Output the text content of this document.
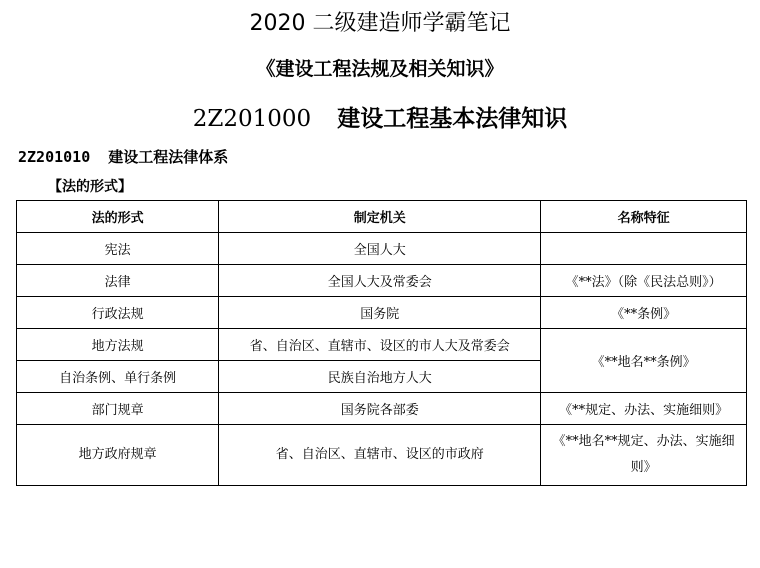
2020 二级建造师学霸笔记
《建设工程法规及相关知识》
2Z201000 建设工程基本法律知识
2Z201010 建设工程法律体系
【法的形式】
法的形式	制定机关	名称特征
宪法	全国人大	
法律	全国人大及常委会	《**法》（除《民法总则》）
行政法规	国务院	《**条例》
地方法规	省、自治区、直辖市、设区的市人大及常委会	《**地名**条例》
自治条例、单行条例	民族自治地方人大	
部门规章	国务院各部委	《**规定、办法、实施细则》
地方政府规章	省、自治区、直辖市、设区的市政府	《**地名**规定、办法、实施细则》
